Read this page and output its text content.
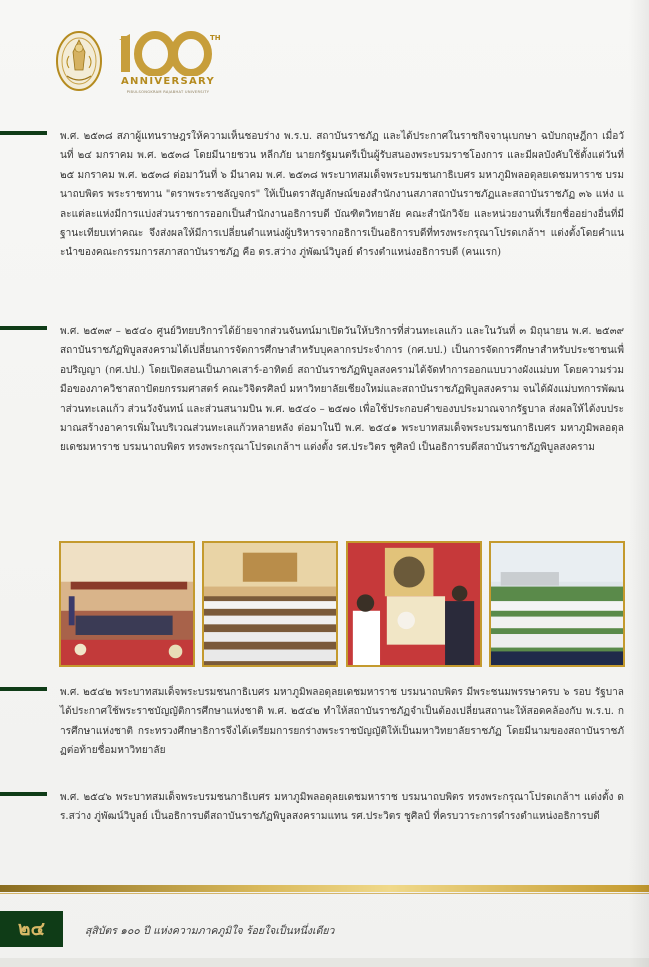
TH
ANNIVERSARY
PIBULSONGKRAM RAJABHAT UNIVERSITY
พ.ศ. ๒๕๓๘ สภาผู้แทนราษฎรให้ความเห็นชอบร่าง พ.ร.บ. สถาบันราชภัฏ และได้ประกาศในราชกิจจานุเบกษา ฉบับกฤษฎีกา เมื่อวันที่ ๒๔ มกราคม พ.ศ. ๒๕๓๘ โดยมีนายชวน หลีกภัย นายกรัฐมนตรีเป็นผู้รับสนองพระบรมราชโองการ และมีผลบังคับใช้ตั้งแต่วันที่ ๒๕ มกราคม พ.ศ. ๒๕๓๘ ต่อมาวันที่ ๖ มีนาคม พ.ศ. ๒๕๓๘ พระบาทสมเด็จพระบรมชนกาธิเบศร มหาภูมิพลอดุลยเดชมหาราช บรมนาถบพิตร พระราชทาน "ตราพระราชลัญจกร" ให้เป็นตราสัญลักษณ์ของสำนักงานสภาสถาบันราชภัฏและสถาบันราชภัฏ ๓๖ แห่ง และแต่ละแห่งมีการแบ่งส่วนราชการออกเป็นสำนักงานอธิการบดี บัณฑิตวิทยาลัย คณะสำนักวิจัย และหน่วยงานที่เรียกชื่ออย่างอื่นที่มีฐานะเทียบเท่าคณะ จึงส่งผลให้มีการเปลี่ยนตำแหน่งผู้บริหารจากอธิการเป็นอธิการบดีที่ทรงพระกรุณาโปรดเกล้าฯ แต่งตั้งโดยคำแนะนำของคณะกรรมการสภาสถาบันราชภัฏ คือ ดร.สว่าง ภู่พัฒน์วิบูลย์ ดำรงตำแหน่งอธิการบดี (คนแรก)
พ.ศ. ๒๕๓๙ – ๒๕๔๐ ศูนย์วิทยบริการได้ย้ายจากส่วนจันทน์มาเปิดวันให้บริการที่ส่วนทะเลแก้ว และในวันที่ ๓ มิถุนายน พ.ศ. ๒๕๓๙ สถาบันราชภัฏพิบูลสงครามได้เปลี่ยนการจัดการศึกษาสำหรับบุคลากรประจำการ (กศ.บป.) เป็นการจัดการศึกษาสำหรับประชาชนเพื่อปริญญา (กศ.ปป.) โดยเปิดสอนเป็นภาคเสาร์-อาทิตย์ สถาบันราชภัฏพิบูลสงครามได้จัดทำการออกแบบวางผังแม่บท โดยความร่วมมือของภาควิชาสถาปัตยกรรมศาสตร์ คณะวิจิตรศิลป์ มหาวิทยาลัยเชียงใหม่และสถาบันราชภัฏพิบูลสงคราม จนได้ผังแม่บทการพัฒนาส่วนทะเลแก้ว ส่วนวังจันทน์ และส่วนสนามบิน พ.ศ. ๒๕๔๐ – ๒๕๗๐ เพื่อใช้ประกอบคำของบประมาณจากรัฐบาล ส่งผลให้ได้งบประมาณสร้างอาคารเพิ่มในบริเวณส่วนทะเลแก้วหลายหลัง ต่อมาในปี พ.ศ. ๒๕๔๑ พระบาทสมเด็จพระบรมชนกาธิเบศร มหาภูมิพลอดุลยเดชมหาราช บรมนาถบพิตร ทรงพระกรุณาโปรดเกล้าฯ แต่งตั้ง รศ.ประวิตร ชูศิลป์ เป็นอธิการบดีสถาบันราชภัฏพิบูลสงคราม
พ.ศ. ๒๕๔๒ พระบาทสมเด็จพระบรมชนกาธิเบศร มหาภูมิพลอดุลยเดชมหาราช บรมนาถบพิตร มีพระชนมพรรษาครบ ๖ รอบ รัฐบาลได้ประกาศใช้พระราชบัญญัติการศึกษาแห่งชาติ พ.ศ. ๒๕๔๒ ทำให้สถาบันราชภัฏจำเป็นต้องเปลี่ยนสถานะให้สอดคล้องกับ พ.ร.บ. การศึกษาแห่งชาติ กระทรวงศึกษาธิการจึงได้เตรียมการยกร่างพระราชบัญญัติให้เป็นมหาวิทยาลัยราชภัฏ โดยมีนามของสถาบันราชภัฏต่อท้ายชื่อมหาวิทยาลัย
พ.ศ. ๒๕๔๖ พระบาทสมเด็จพระบรมชนกาธิเบศร มหาภูมิพลอดุลยเดชมหาราช บรมนาถบพิตร ทรงพระกรุณาโปรดเกล้าฯ แต่งตั้ง ดร.สว่าง ภู่พัฒน์วิบูลย์ เป็นอธิการบดีสถาบันราชภัฏพิบูลสงครามแทน รศ.ประวิตร ชูศิลป์ ที่ครบวาระการดำรงตำแหน่งอธิการบดี
๒๔	สุสิบัตร ๑๐๐ ปี แห่งความภาคภูมิใจ ร้อยใจเป็นหนึ่งเดียว
